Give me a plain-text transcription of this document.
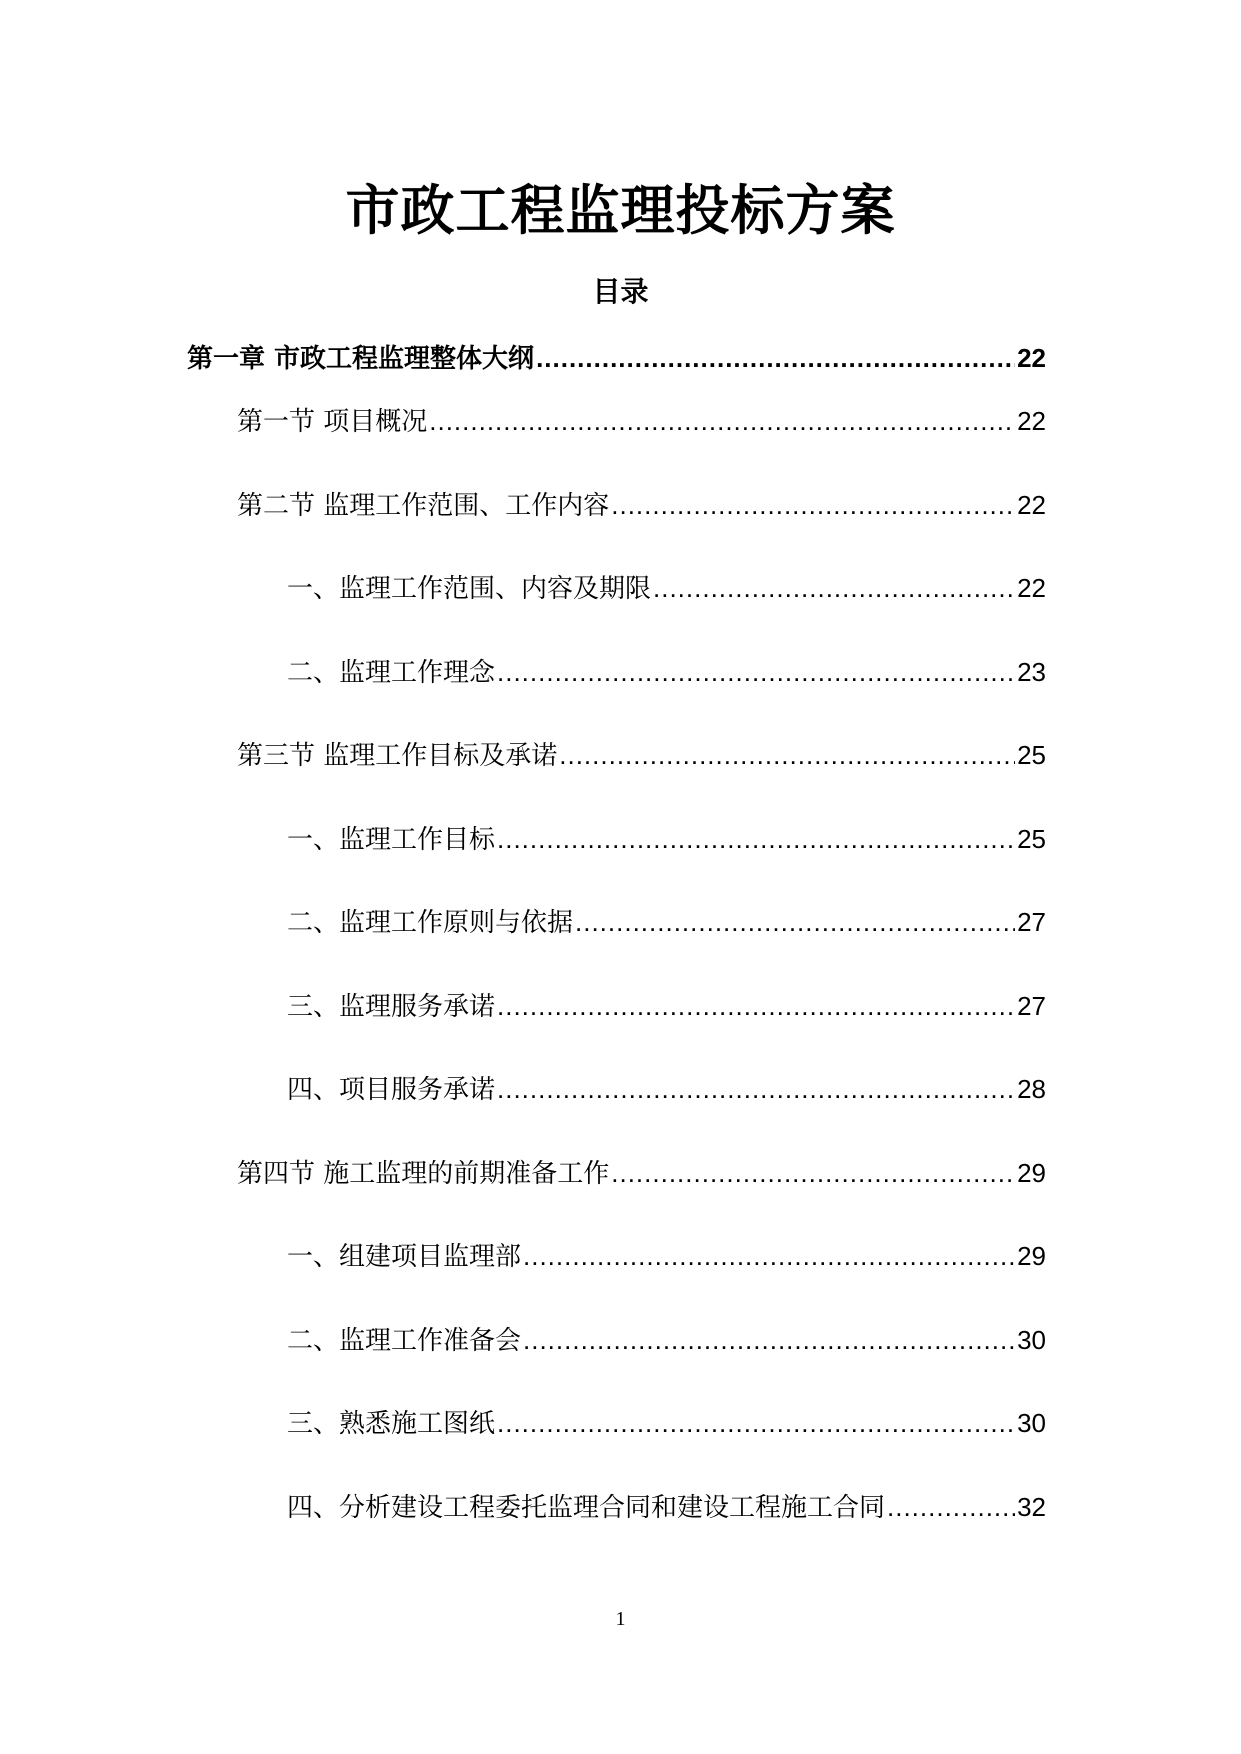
市政工程监理投标方案
目录
第一章 市政工程监理整体大纲 .....	22
第一节 项目概况 .....	22
第二节 监理工作范围、工作内容 .....	22
一、监理工作范围、内容及期限 .....	22
二、监理工作理念 .....	23
第三节 监理工作目标及承诺 .....	25
一、监理工作目标 .....	25
二、监理工作原则与依据 .....	27
三、监理服务承诺 .....	27
四、项目服务承诺 .....	28
第四节 施工监理的前期准备工作 .....	29
一、组建项目监理部 .....	29
二、监理工作准备会 .....	30
三、熟悉施工图纸 .....	30
四、分析建设工程委托监理合同和建设工程施工合同 .....	32
1
